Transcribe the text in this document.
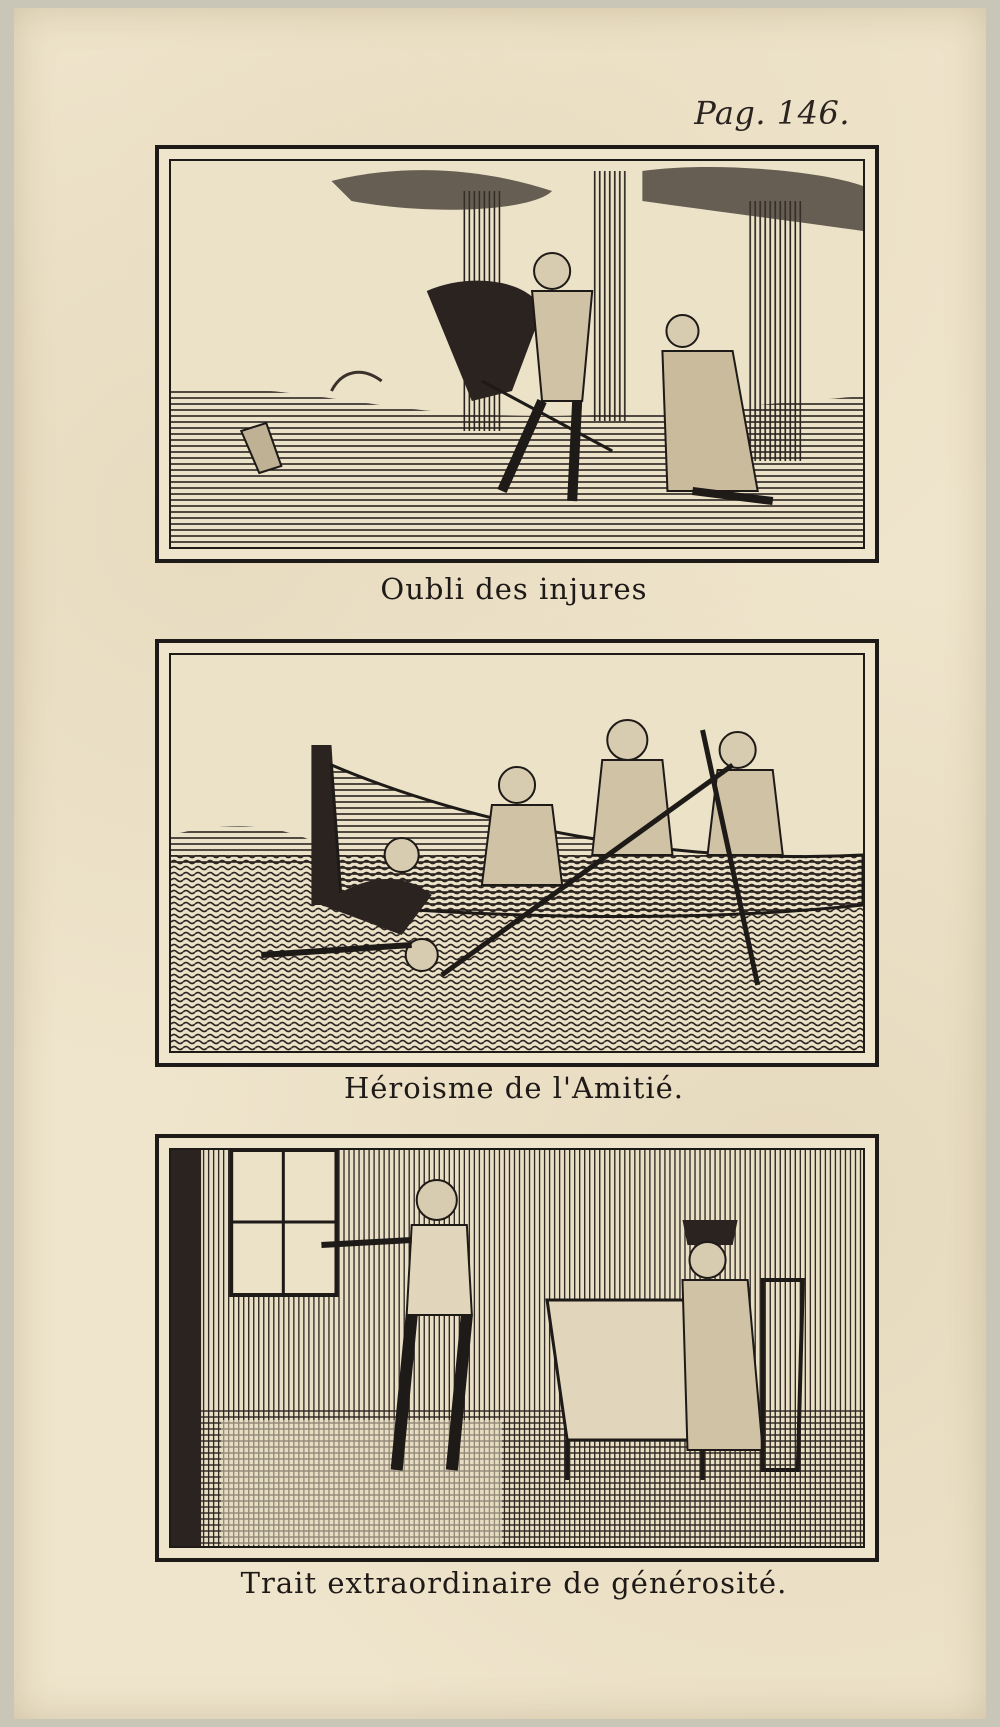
Pag. 146.
Oubli des injures
Héroisme de l'Amitié.
Trait extraordinaire de générosité.
